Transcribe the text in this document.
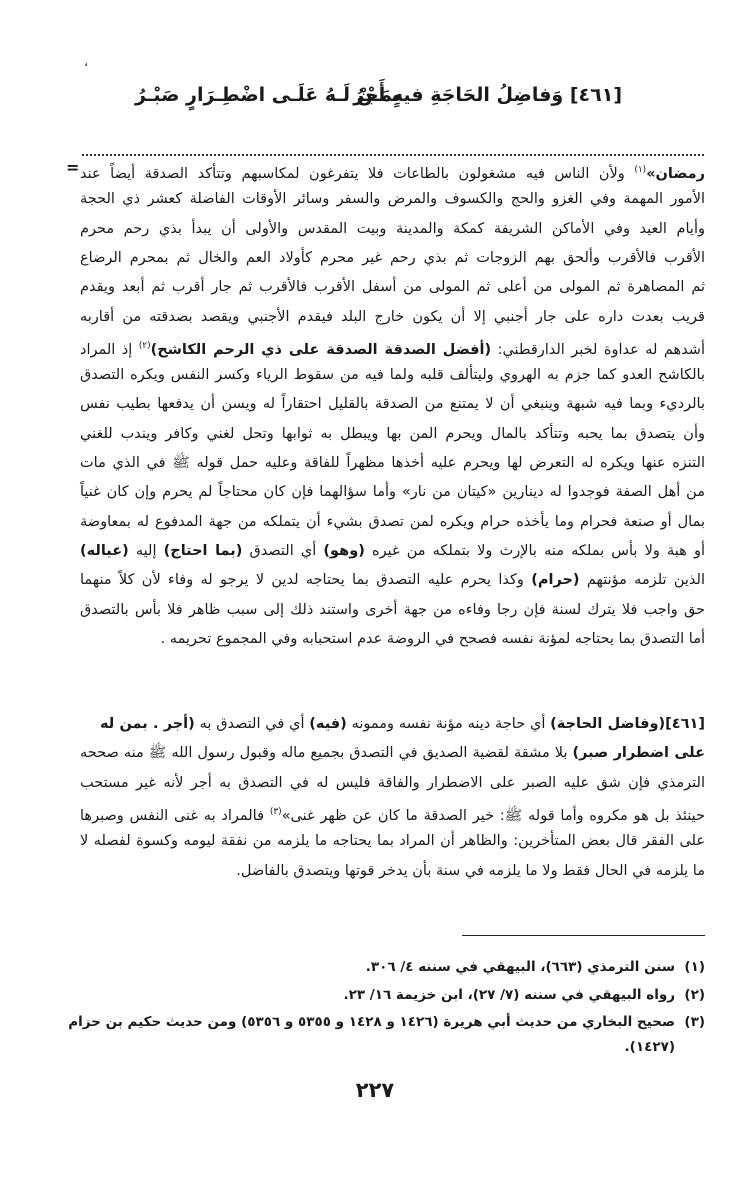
،
[٤٦١] وَفاضِلُ الحَاجَةِ فيهِ أَجْرُ
بِمَـنْ لَـهُ عَلَـى اضْطِـرَارٍ صَبْـرُ
=	رمضان»$^{(١)}$ ولأن الناس فيه مشغولون بالطاعات فلا يتفرغون لمكاسبهم وتتأكد الصدقة أيضاً عند
الأمور المهمة وفي الغزو والحج والكسوف والمرض والسفر وسائر الأوقات الفاضلة كعشر ذي الحجة
وأيام العيد وفي الأماكن الشريفة كمكة والمدينة وبيت المقدس والأولى أن يبدأ بذي رحم محرم
الأقرب فالأقرب وألحق بهم الزوجات ثم بذي رحم غير محرم كأولاد العم والخال ثم بمحرم الرضاع
ثم المصاهرة ثم المولى من أعلى ثم المولى من أسفل الأقرب فالأقرب ثم جار أقرب ثم أبعد ويقدم
قريب بعدت داره على جار أجنبي إلا أن يكون خارج البلد فيقدم الأجنبي ويقصد بصدقته من أقاربه
أشدهم له عداوة لخبر الدارقطني: (أفضل الصدقة الصدقة على ذي الرحم الكاشح)$^{(٢)}$ إذ المراد
بالكاشح العدو كما جزم به الهروي وليتألف قلبه ولما فيه من سقوط الرياء وكسر النفس ويكره التصدق
بالرديء وبما فيه شبهة وينبغي أن لا يمتنع من الصدقة بالقليل احتقاراً له ويسن أن يدفعها بطيب نفس
وأن يتصدق بما يحبه وتتأكد بالمال ويحرم المن بها ويبطل به ثوابها وتحل لغني وكافر ويندب للغني
التنزه عنها ويكره له التعرض لها ويحرم عليه أخذها مظهراً للفاقة وعليه حمل قوله ﷺ في الذي مات
من أهل الصفة فوجدوا له دينارين «كيتان من نار» وأما سؤالهما فإن كان محتاجاً لم يحرم وإن كان غنياً
بمال أو صنعة فحرام وما يأخذه حرام ويكره لمن تصدق بشيء أن يتملكه من جهة المدفوع له بمعاوضة
أو هبة ولا بأس بملكه منه بالإرث ولا بتملكه من غيره (وهو) أي التصدق (بما احتاج) إليه (عياله)
الذين تلزمه مؤنتهم (حرام) وكذا يحرم عليه التصدق بما يحتاجه لدين لا يرجو له وفاء لأن كلاً منهما
حق واجب فلا يترك لسنة فإن رجا وفاءه من جهة أخرى واستند ذلك إلى سبب ظاهر فلا بأس بالتصدق
أما التصدق بما يحتاجه لمؤنة نفسه فصحح في الروضة عدم استحبابه وفي المجموع تحريمه .
[٤٦١](وفاضل الحاجة) أي حاجة دينه مؤنة نفسه وممونه (فيه) أي في التصدق به (أجر . بمن له
على اضطرار صبر) بلا مشقة لقضية الصديق في التصدق بجميع ماله وقبول رسول الله ﷺ منه صححه
الترمذي فإن شق عليه الصبر على الاضطرار والفاقة فليس له في التصدق به أجر لأنه غير مستحب
حينئذ بل هو مكروه وأما قوله ﷺ: خير الصدقة ما كان عن ظهر غنى»$^{(٣)}$ فالمراد به غنى النفس وصبرها
على الفقر قال بعض المتأخرين: والظاهر أن المراد بما يحتاجه ما يلزمه من نفقة ليومه وكسوة لفصله لا
ما يلزمه في الحال فقط ولا ما يلزمه في سنة بأن يدخر قوتها ويتصدق بالفاضل.
(١)سنن الترمذي (٦٦٣)، البيهقي في سننه ٤/ ٣٠٦.
(٢)رواه البيهقي في سننه (٧/ ٢٧)، ابن خزيمة ١٦/ ٢٣.
(٣)صحيح البخاري من حديث أبي هريرة (١٤٢٦ و ١٤٢٨ و ٥٣٥٥ و ٥٣٥٦) ومن حديث حكيم بن حزام
(١٤٢٧).
٢٢٧
